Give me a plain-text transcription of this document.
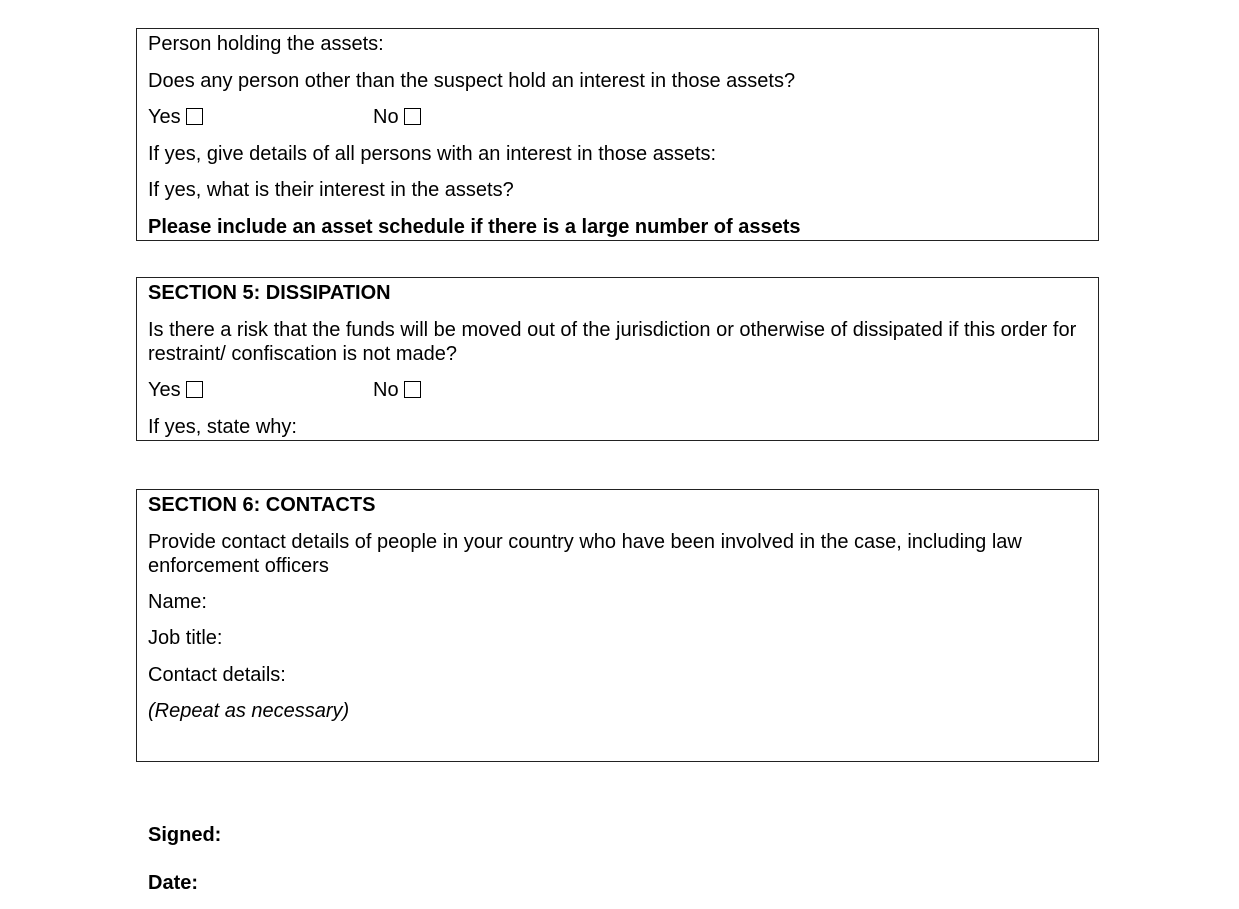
Person holding the assets:
Does any person other than the suspect hold an interest in those assets?
Yes	No
If yes, give details of all persons with an interest in those assets:
If yes, what is their interest in the assets?
Please include an asset schedule if there is a large number of assets
SECTION 5: DISSIPATION
Is there a risk that the funds will be moved out of the jurisdiction or otherwise of dissipated if this order for restraint/ confiscation is not made?
Yes	No
If yes, state why:
SECTION 6: CONTACTS
Provide contact details of people in your country who have been involved in the case, including law enforcement officers
Name:
Job title:
Contact details:
(Repeat as necessary)
Signed:
Date:
